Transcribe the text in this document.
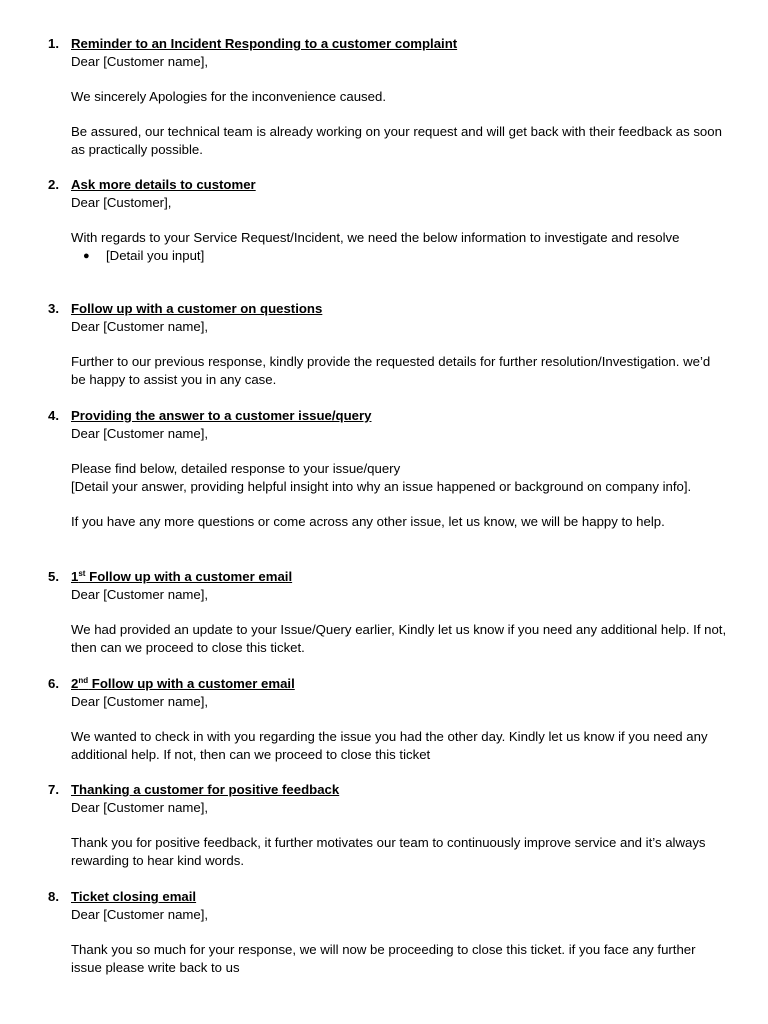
1. Reminder to an Incident Responding to a customer complaint

Dear [Customer name],

We sincerely Apologies for the inconvenience caused.

Be assured, our technical team is already working on your request and will get back with their feedback as soon as practically possible.

2. Ask more details to customer

Dear [Customer],

With regards to your Service Request/Incident, we need the below information to investigate and resolve

● [Detail you input]
3. Follow up with a customer on questions

Dear [Customer name],

Further to our previous response, kindly provide the requested details for further resolution/Investigation. we’d be happy to assist you in any case.

4. Providing the answer to a customer issue/query

Dear [Customer name],

Please find below, detailed response to your issue/query

[Detail your answer, providing helpful insight into why an issue happened or background on company info].

If you have any more questions or come across any other issue, let us know, we will be happy to help.

5. 1st Follow up with a customer email

Dear [Customer name],

We had provided an update to your Issue/Query earlier, Kindly let us know if you need any additional help. If not, then can we proceed to close this ticket.

6. 2nd Follow up with a customer email

Dear [Customer name],

We wanted to check in with you regarding the issue you had the other day. Kindly let us know if you need any additional help. If not, then can we proceed to close this ticket

7. Thanking a customer for positive feedback

Dear [Customer name],

Thank you for positive feedback, it further motivates our team to continuously improve service and it’s always rewarding to hear kind words.

8. Ticket closing email

Dear [Customer name],

Thank you so much for your response, we will now be proceeding to close this ticket. if you face any further issue please write back to us
